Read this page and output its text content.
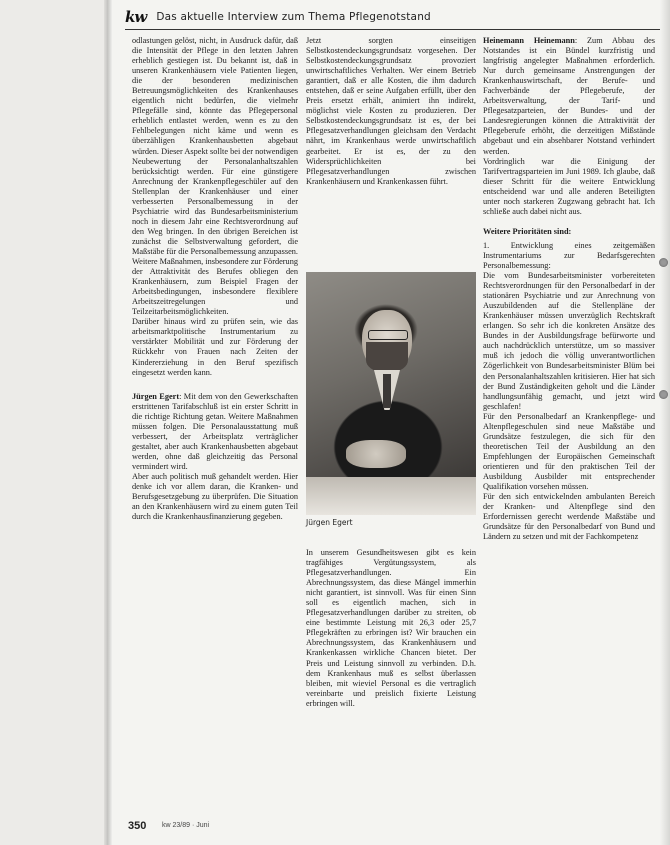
kw Das aktuelle Interview zum Thema Pflegenotstand

odlastungen gelöst, nicht, in Ausdruck dafür, daß die Intensität der Pflege in den letzten Jahren erheblich gestiegen ist. Du bekannt ist, daß in unseren Krankenhäusern viele Patienten liegen, die der besonderen medizinischen Betreuungsmöglichkeiten des Krankenhauses eigentlich nicht bedürfen, die vielmehr Pflegefälle sind, könnte das Pflegepersonal erheblich entlastet werden, wenn es zu den Fehlbelegungen nicht käme und wenn es überzähligen Krankenhausbetten abgebaut würden. Dieser Aspekt sollte bei der notwendigen Neubewertung der Personalanhaltszahlen berücksichtigt werden. Für eine günstigere Anrechnung der Krankenpflegeschüler auf den Stellenplan der Krankenhäuser und einer verbesserten Personalbemessung in der Psychiatrie wird das Bundesarbeitsministerium noch in diesem Jahr eine Rechtsverordnung auf den Weg bringen. In den übrigen Bereichen ist zunächst die Selbstverwaltung gefordert, die Maßstäbe für die Personalbemessung anzupassen. Weitere Maßnahmen, insbesondere zur Förderung der Attraktivität des Berufes obliegen den Krankenhäusern, zum Beispiel Fragen der Arbeitsbedingungen, insbesondere flexiblere Arbeitszeitregelungen und Teilzeitarbeitsmöglichkeiten.

Darüber hinaus wird zu prüfen sein, wie das arbeitsmarktpolitische Instrumentarium zu verstärkter Mobilität und zur Förderung der Rückkehr von Frauen nach Zeiten der Kindererziehung in den Beruf spezifisch eingesetzt werden kann.

Jürgen Egert: Mit dem von den Gewerkschaften erstrittenen Tarifabschluß ist ein erster Schritt in die richtige Richtung getan. Weitere Maßnahmen müssen folgen. Die Personalausstattung muß verbessert, der Arbeitsplatz verträglicher gestaltet, aber auch Krankenhausbetten abgebaut werden, ohne daß gleichzeitig das Personal vermindert wird.

Aber auch politisch muß gehandelt werden. Hier denke ich vor allem daran, die Kranken- und Berufsgesetzgebung zu überprüfen. Die Situation an den Krankenhäusern wird zu einem guten Teil durch die Krankenhausfinanzierung gegeben.

Jetzt sorgten einseitigen Selbstkostendeckungsgrundsatz vorgesehen. Der Selbstkostendeckungsgrundsatz provoziert unwirtschaftliches Verhalten. Wer einem Betrieb garantiert, daß er alle Kosten, die ihm dadurch entstehen, daß er seine Aufgaben erfüllt, über den Preis ersetzt erhält, animiert ihn indirekt, möglichst viele Kosten zu produzieren. Der Selbstkostendeckungsgrundsatz ist es, der bei Pflegesatzverhandlungen gleichsam den Verdacht nährt, im Krankenhaus werde unwirtschaftlich gearbeitet. Er ist es, der zu den Widersprüchlichkeiten bei Pflegesatzverhandlungen zwischen Krankenhäusern und Krankenkassen führt.

Jürgen Egert

In unserem Gesundheitswesen gibt es kein tragfähiges Vergütungssystem, als Pflegesatzverhandlungen. Ein Abrechnungssystem, das diese Mängel immerhin nicht garantiert, ist sinnvoll. Was für einen Sinn soll es eigentlich machen, sich in Pflegesatzverhandlungen darüber zu streiten, ob eine bestimmte Leistung mit 26,3 oder 25,7 Pflegekräften zu erbringen ist? Wir brauchen ein Abrechnungssystem, das Krankenhäusern und Krankenkassen wirkliche Chancen bietet. Der Preis und Leistung sinnvoll zu verbinden. D.h. dem Krankenhaus muß es selbst überlassen bleiben, mit wieviel Personal es die vertraglich vereinbarte und preislich fixierte Leistung erbringen will.

Heinemann Heinemann: Zum Abbau des Notstandes ist ein Bündel kurzfristig und langfristig angelegter Maßnahmen erforderlich. Nur durch gemeinsame Anstrengungen der Krankenhauswirtschaft, der Berufe- und Fachverbände der Pflegeberufe, der Arbeitsverwaltung, der Tarif- und Pflegesatzparteien, der Bundes- und der Landesregierungen können die Attraktivität der Pflegeberufe erhöht, die derzeitigen Mißstände abgebaut und ein absehbarer Notstand verhindert werden.

Vordringlich war die Einigung der Tarifvertragsparteien im Juni 1989. Ich glaube, daß dieser Schritt für die weitere Entwicklung entscheidend war und alle anderen Beteiligten unter noch starkeren Zugzwang gebracht hat. Ich schließe auch dabei nicht aus.

Weitere Prioritäten sind:

1. Entwicklung eines zeitgemäßen Instrumentariums zur Bedarfsgerechten Personalbemessung:

Die vom Bundesarbeitsminister vorbereiteten Rechtsverordnungen für den Personalbedarf in der stationären Psychiatrie und zur Anrechnung von Auszubildenden auf die Stellenpläne der Krankenhäuser müssen unverzüglich Rechtskraft erlangen. So sehr ich die konkreten Ansätze des Bundes in der Ausbildungsfrage befürworte und auch nachdrücklich unterstütze, um so massiver muß ich jedoch die völlig unverantwortlichen Zögerlichkeit von Bundesarbeitsminister Blüm bei den Personalanhaltszahlen kritisieren. Hier hat sich der Bund Zuständigkeiten geholt und die Länder handlungsunfähig gemacht, und jetzt wird geschlafen!

Für den Personalbedarf an Krankenpflege- und Altenpflegeschulen sind neue Maßstäbe und Grundsätze festzulegen, die sich für den theoretischen Teil der Ausbildung an den Empfehlungen der Europäischen Gemeinschaft orientieren und für den praktischen Teil der Ausbildung Ausbilder mit entsprechender Qualifikation vorsehen müssen.

Für den sich entwickelnden ambulanten Bereich der Kranken- und Altenpflege sind den Erfordernissen gerecht werdende Maßstäbe und Grundsätze für den Personalbedarf von Bund und Ländern zu setzen und mit der Fachkompetenz

350 kw 23/89 · Juni
